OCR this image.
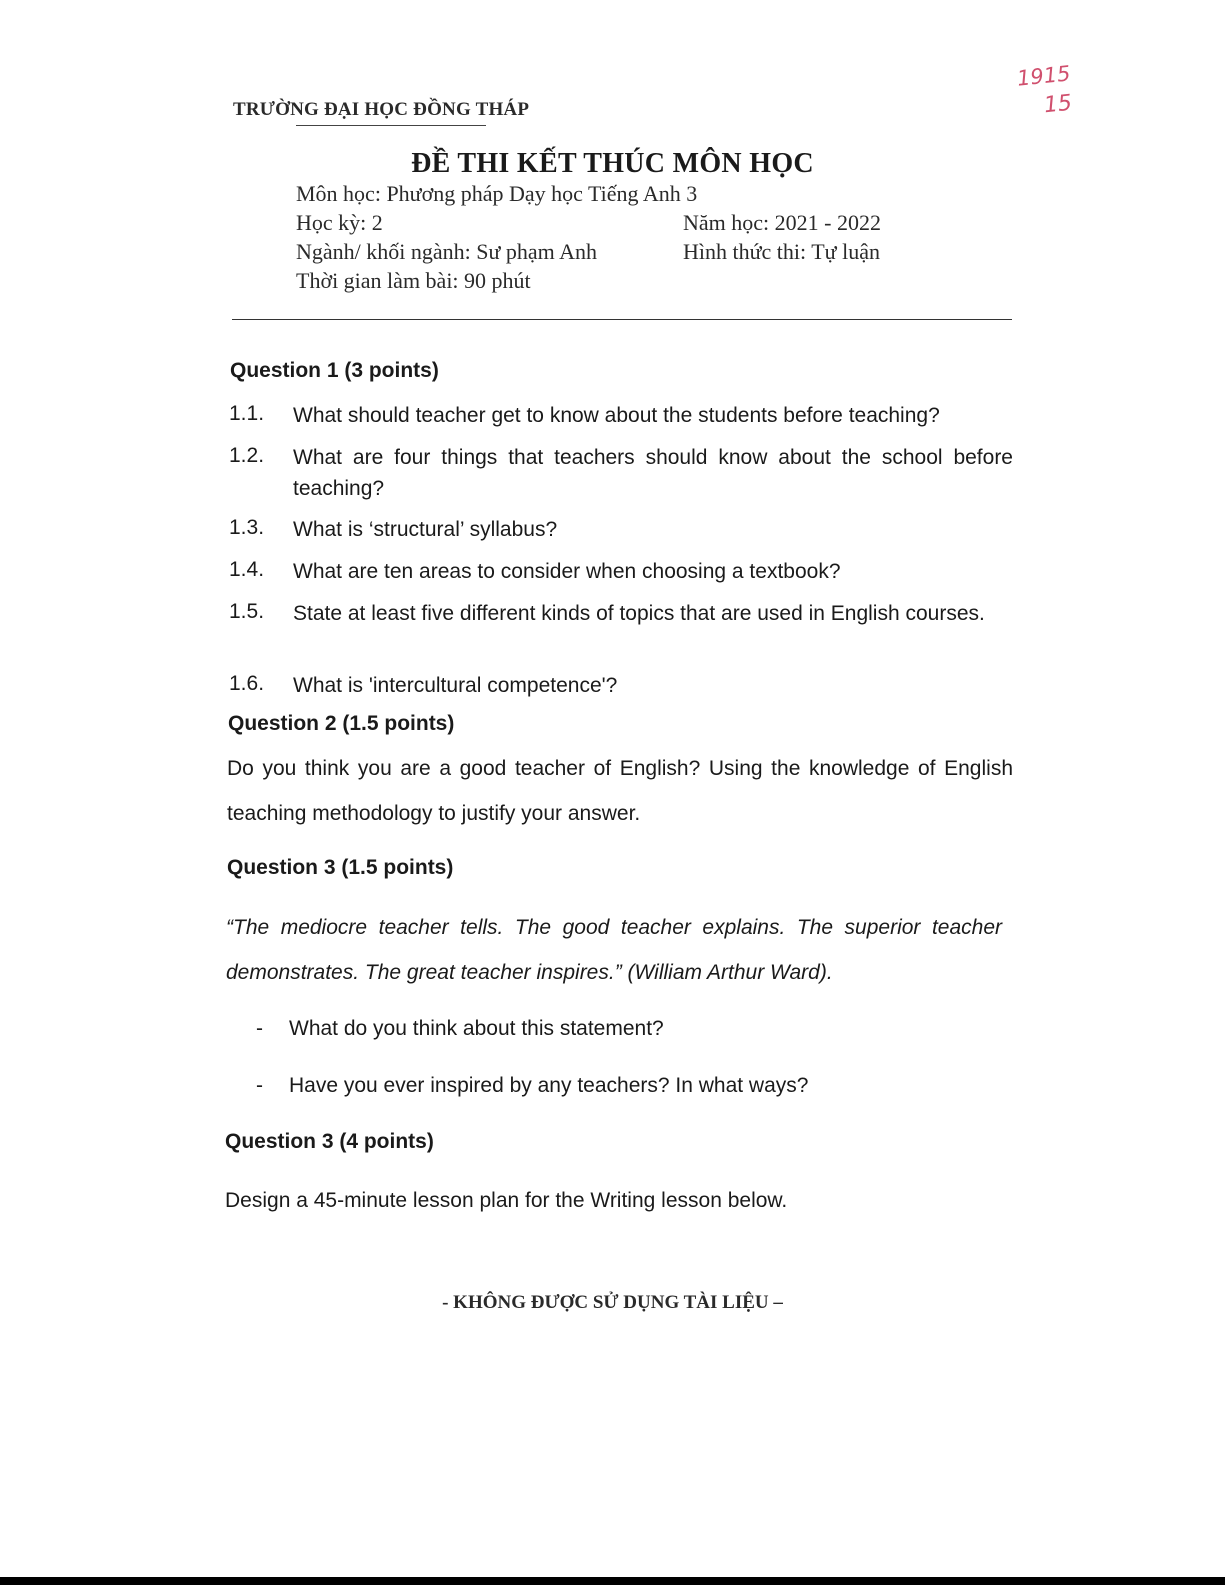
1915
15
TRƯỜNG ĐẠI HỌC ĐỒNG THÁP
ĐỀ THI KẾT THÚC MÔN HỌC
Môn học: Phương pháp Dạy học Tiếng Anh 3
Học kỳ: 2	Năm học: 2021 - 2022
Ngành/ khối ngành: Sư phạm Anh	Hình thức thi: Tự luận
Thời gian làm bài: 90 phút
Question 1 (3 points)
1.1.	What should teacher get to know about the students before teaching?
1.2.	What are four things that teachers should know about the school before teaching?
1.3.	What is ‘structural’ syllabus?
1.4.	What are ten areas to consider when choosing a textbook?
1.5.	State at least five different kinds of topics that are used in English courses.
1.6.	What is 'intercultural competence'?
Question 2 (1.5 points)
Do you think you are a good teacher of English? Using the knowledge of English teaching methodology to justify your answer.
Question 3 (1.5 points)
“The mediocre teacher tells. The good teacher explains. The superior teacher demonstrates. The great teacher inspires.” (William Arthur Ward).
- What do you think about this statement?
- Have you ever inspired by any teachers? In what ways?
Question 3 (4 points)
Design a 45-minute lesson plan for the Writing lesson below.
- KHÔNG ĐƯỢC SỬ DỤNG TÀI LIỆU –
